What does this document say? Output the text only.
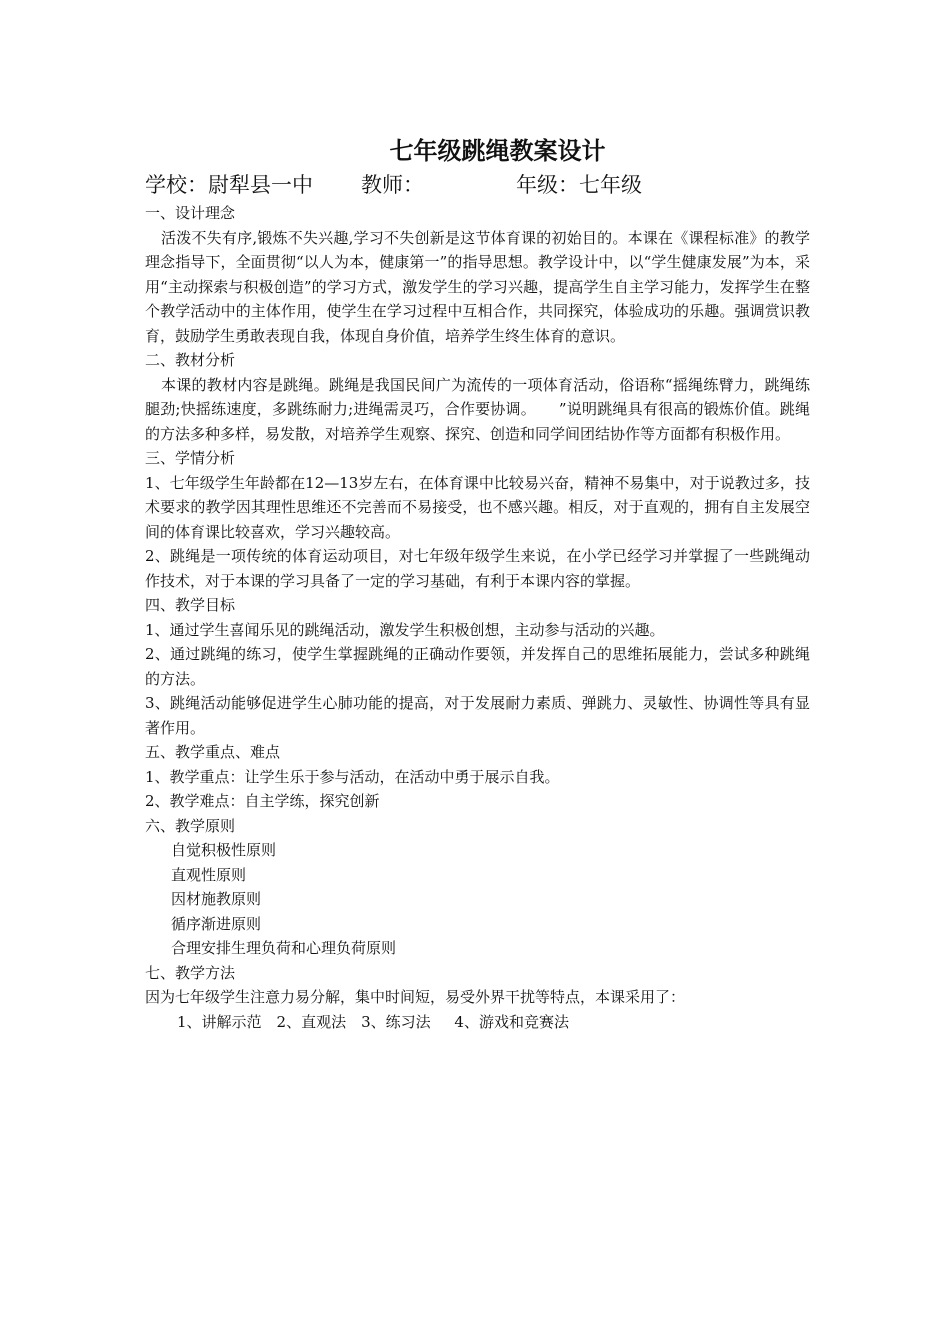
七年级跳绳教案设计
学校：尉犁县一中 教师：	年级：七年级
一、设计理念
活泼不失有序,锻炼不失兴趣,学习不失创新是这节体育课的初始目的。本课在《课程标准》的教学理念指导下，全面贯彻“以人为本，健康第一”的指导思想。教学设计中，以“学生健康发展”为本，采用“主动探索与积极创造”的学习方式，激发学生的学习兴趣，提高学生自主学习能力，发挥学生在整个教学活动中的主体作用，使学生在学习过程中互相合作，共同探究，体验成功的乐趣。强调赏识教育，鼓励学生勇敢表现自我，体现自身价值，培养学生终生体育的意识。
二、教材分析
本课的教材内容是跳绳。跳绳是我国民间广为流传的一项体育活动，俗语称“摇绳练臂力，跳绳练腿劲;快摇练速度，多跳练耐力;进绳需灵巧，合作要协调。　　”说明跳绳具有很高的锻炼价值。跳绳的方法多种多样，易发散，对培养学生观察、探究、创造和同学间团结协作等方面都有积极作用。
三、学情分析
1、七年级学生年龄都在12—13岁左右，在体育课中比较易兴奋，精神不易集中，对于说教过多，技术要求的教学因其理性思维还不完善而不易接受，也不感兴趣。相反，对于直观的，拥有自主发展空间的体育课比较喜欢，学习兴趣较高。
2、跳绳是一项传统的体育运动项目，对七年级年级学生来说，在小学已经学习并掌握了一些跳绳动作技术，对于本课的学习具备了一定的学习基础，有利于本课内容的掌握。
四、教学目标
1、通过学生喜闻乐见的跳绳活动，激发学生积极创想，主动参与活动的兴趣。
2、通过跳绳的练习，使学生掌握跳绳的正确动作要领，并发挥自己的思维拓展能力，尝试多种跳绳的方法。
3、跳绳活动能够促进学生心肺功能的提高，对于发展耐力素质、弹跳力、灵敏性、协调性等具有显著作用。
五、教学重点、难点
1、教学重点：让学生乐于参与活动，在活动中勇于展示自我。
2、教学难点：自主学练，探究创新
六、教学原则
自觉积极性原则
直观性原则
因材施教原则
循序渐进原则
合理安排生理负荷和心理负荷原则
七、教学方法
因为七年级学生注意力易分解，集中时间短，易受外界干扰等特点，本课采用了：
1、讲解示范　2、直观法　3、练习法　 4、游戏和竞赛法
